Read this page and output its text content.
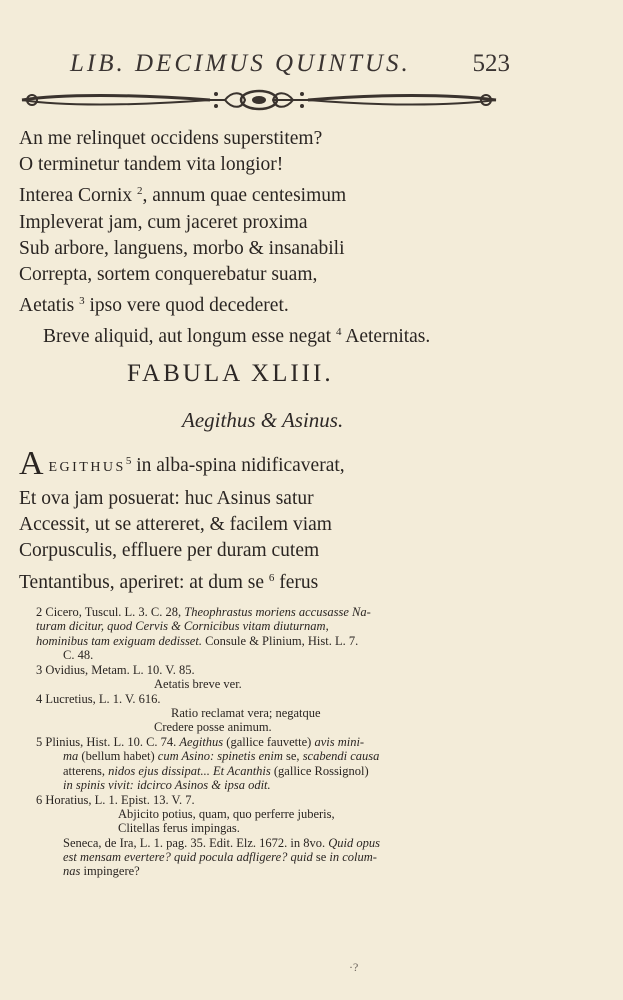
LIB. DECIMUS QUINTUS. 523
An me relinquet occidens superstitem?
O terminetur tandem vita longior!
Interea Cornix $^2$, annum quae centesimum
Impleverat jam, cum jaceret proxima
Sub arbore, languens, morbo & insanabili
Correpta, sortem conquerebatur suam,
Aetatis $^3$ ipso vere quod decederet.
Breve aliquid, aut longum esse negat $^4$ Aeternitas.
FABULA XLIII.
Aegithus & Asinus.
A EGITHUS$^5$ in alba-spina nidificaverat,
Et ova jam posuerat: huc Asinus satur
Accessit, ut se attereret, & facilem viam
Corpusculis, effluere per duram cutem
Tentantibus, aperiret: at dum se $^6$ ferus
2 Cicero, Tuscul. L. 3. C. 28, Theophrastus moriens accusasse Na-
turam dicitur, quod Cervis & Cornicibus vitam diuturnam,
hominibus tam exiguam dedisset. Consule & Plinium, Hist. L. 7.
C. 48.
3 Ovidius, Metam. L. 10. V. 85.
Aetatis breve ver.
4 Lucretius, L. 1. V. 616.
Ratio reclamat vera; negatque
Credere posse animum.
5 Plinius, Hist. L. 10. C. 74. Aegithus (gallice fauvette) avis mini-
ma (bellum habet) cum Asino: spinetis enim se, scabendi causa
atterens, nidos ejus dissipat... Et Acanthis (gallice Rossignol)
in spinis vivit: idcirco Asinos & ipsa odit.
6 Horatius, L. 1. Epist. 13. V. 7.
Abjicito potius, quam, quo perferre juberis,
Clitellas ferus impingas.
Seneca, de Ira, L. 1. pag. 35. Edit. Elz. 1672. in 8vo. Quid opus
est mensam evertere? quid pocula adfligere? quid se in colum-
nas impingere?
·?
